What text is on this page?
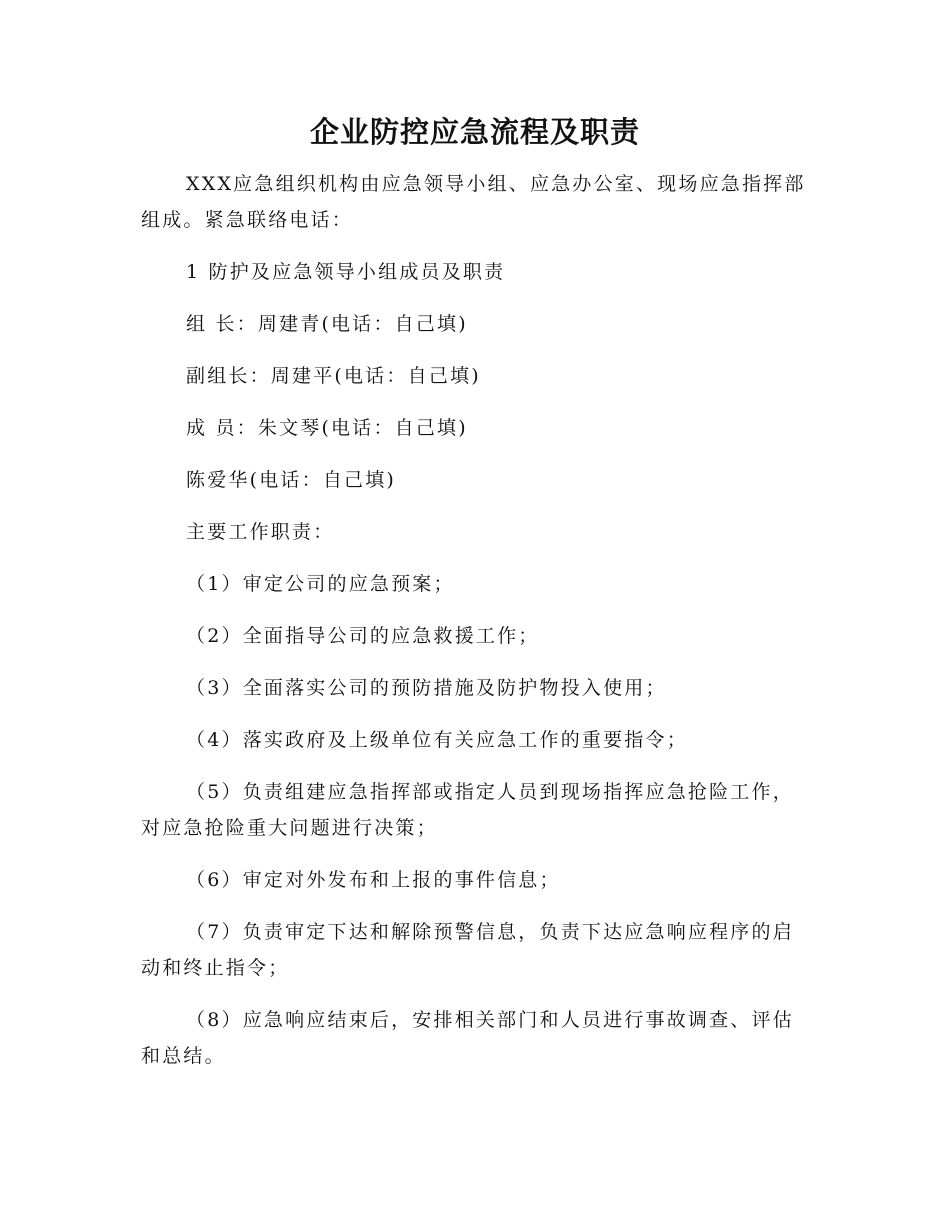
企业防控应急流程及职责

XXX应急组织机构由应急领导小组、应急办公室、现场应急指挥部组成。紧急联络电话：

1 防护及应急领导小组成员及职责

组 长：周建青(电话：自己填)

副组长：周建平(电话：自己填)

成 员：朱文琴(电话：自己填)

陈爱华(电话：自己填)

主要工作职责：

（1）审定公司的应急预案；

（2）全面指导公司的应急救援工作；

（3）全面落实公司的预防措施及防护物投入使用；

（4）落实政府及上级单位有关应急工作的重要指令；

（5）负责组建应急指挥部或指定人员到现场指挥应急抢险工作，对应急抢险重大问题进行决策；

（6）审定对外发布和上报的事件信息；

（7）负责审定下达和解除预警信息，负责下达应急响应程序的启动和终止指令；

（8）应急响应结束后，安排相关部门和人员进行事故调查、评估和总结。
